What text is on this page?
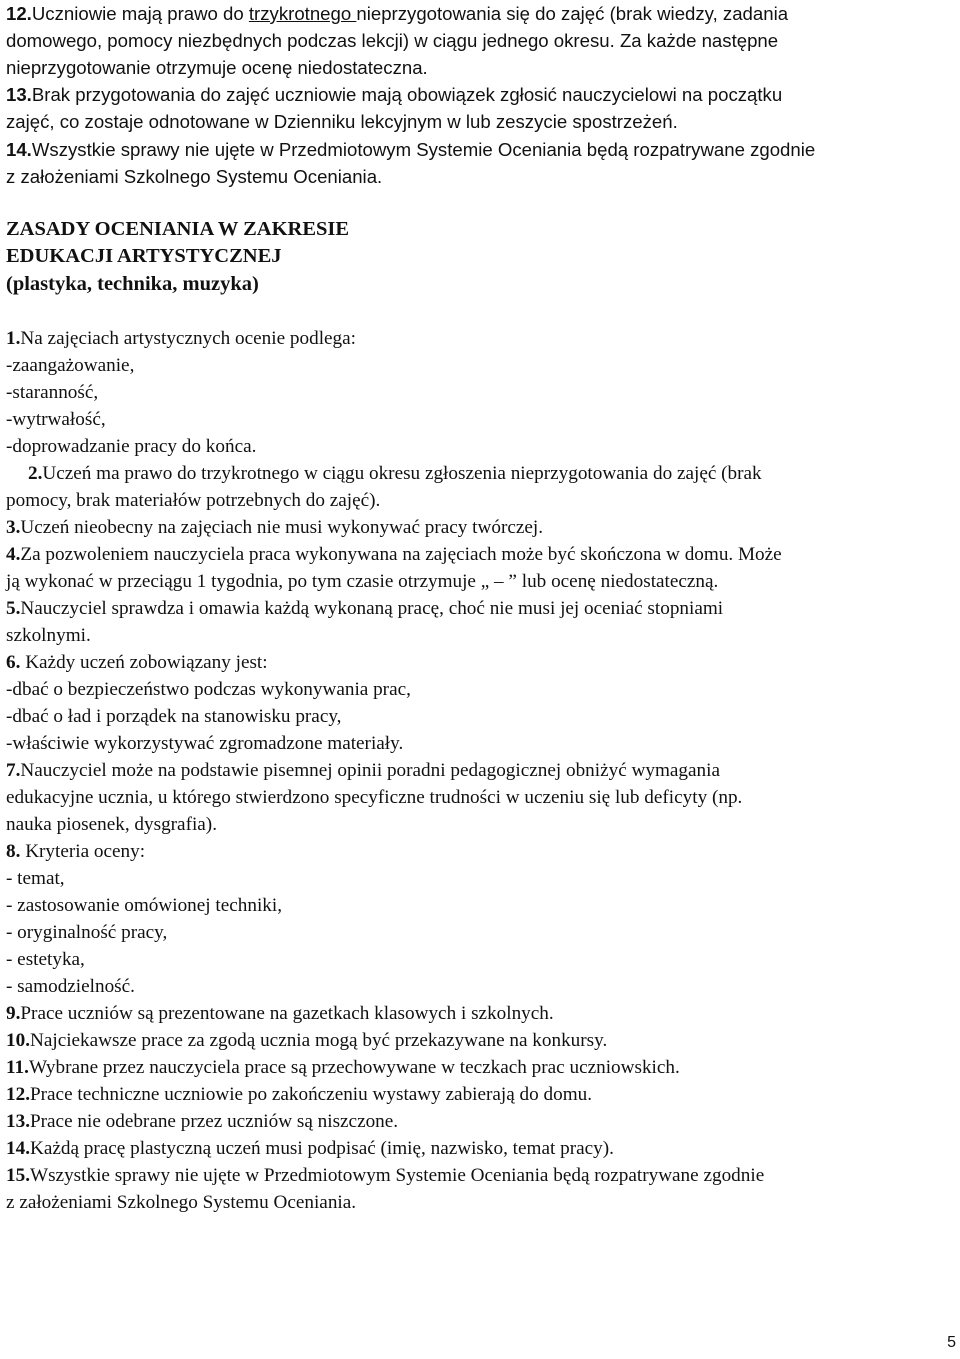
12.Uczniowie mają prawo do trzykrotnego nieprzygotowania się do zajęć (brak wiedzy, zadania
domowego, pomocy niezbędnych podczas lekcji) w ciągu jednego okresu. Za każde następne
nieprzygotowanie otrzymuje ocenę niedostateczna.
13.Brak przygotowania do zajęć uczniowie mają obowiązek zgłosić nauczycielowi na początku
zajęć, co zostaje odnotowane w Dzienniku lekcyjnym w lub zeszycie spostrzeżeń.
14.Wszystkie sprawy nie ujęte w Przedmiotowym Systemie Oceniania będą rozpatrywane zgodnie
z założeniami Szkolnego Systemu Oceniania.
ZASADY OCENIANIA W ZAKRESIE
EDUKACJI ARTYSTYCZNEJ
(plastyka, technika, muzyka)
1.Na zajęciach artystycznych ocenie podlega:
-zaangażowanie,
-staranność,
-wytrwałość,
-doprowadzanie pracy do końca.
2.Uczeń ma prawo do trzykrotnego w ciągu okresu zgłoszenia nieprzygotowania do zajęć (brak
pomocy, brak materiałów potrzebnych do zajęć).
3.Uczeń nieobecny na zajęciach nie musi wykonywać pracy twórczej.
4.Za pozwoleniem nauczyciela praca wykonywana na zajęciach może być skończona w domu. Może
ją wykonać w przeciągu 1 tygodnia, po tym czasie otrzymuje „ – ” lub ocenę niedostateczną.
5.Nauczyciel sprawdza i omawia każdą wykonaną pracę, choć nie musi jej oceniać stopniami
szkolnymi.
6. Każdy uczeń zobowiązany jest:
-dbać o bezpieczeństwo podczas wykonywania prac,
-dbać o ład i porządek na stanowisku pracy,
-właściwie wykorzystywać zgromadzone materiały.
7.Nauczyciel może na podstawie pisemnej opinii poradni pedagogicznej obniżyć wymagania
edukacyjne ucznia, u którego stwierdzono specyficzne trudności w uczeniu się lub deficyty (np.
nauka piosenek, dysgrafia).
8. Kryteria oceny:
- temat,
- zastosowanie omówionej techniki,
- oryginalność pracy,
- estetyka,
- samodzielność.
9.Prace uczniów są prezentowane na gazetkach klasowych i szkolnych.
10.Najciekawsze prace za zgodą ucznia mogą być przekazywane na konkursy.
11.Wybrane przez nauczyciela prace są przechowywane w teczkach prac uczniowskich.
12.Prace techniczne uczniowie po zakończeniu wystawy zabierają do domu.
13.Prace nie odebrane przez uczniów są niszczone.
14.Każdą pracę plastyczną uczeń musi podpisać (imię, nazwisko, temat pracy).
15.Wszystkie sprawy nie ujęte w Przedmiotowym Systemie Oceniania będą rozpatrywane zgodnie
z założeniami Szkolnego Systemu Oceniania.
5
